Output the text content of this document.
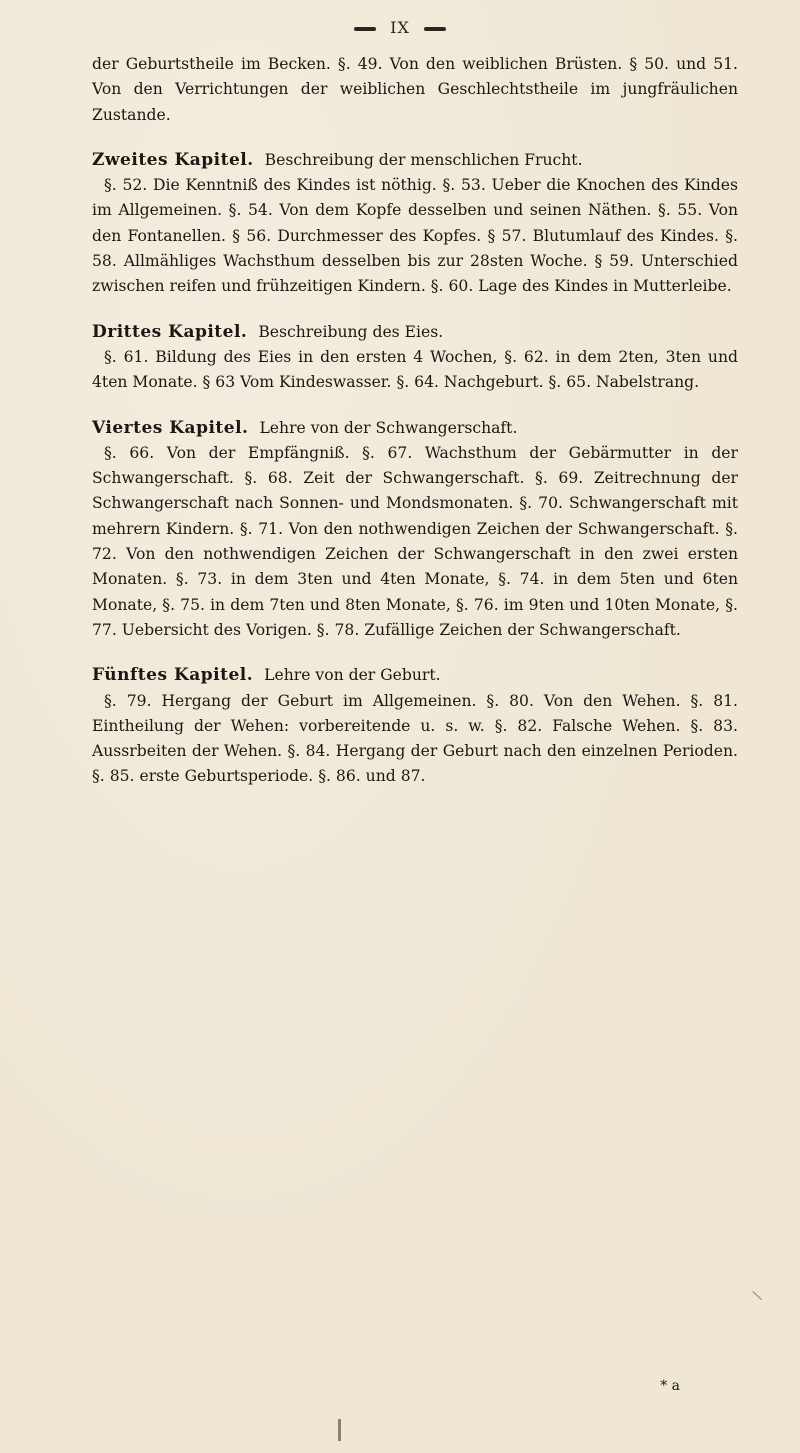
IX

der Geburtstheile im Becken. §. 49. Von den weiblichen Brüsten. § 50. und 51. Von den Verrichtungen der weiblichen Geschlechtstheile im jungfräulichen Zustande.

Zweites Kapitel. Beschreibung der menschlichen Frucht.

§. 52. Die Kenntniß des Kindes ist nöthig. §. 53. Ueber die Knochen des Kindes im Allgemeinen. §. 54. Von dem Kopfe desselben und seinen Näthen. §. 55. Von den Fontanellen. § 56. Durchmesser des Kopfes. § 57. Blutumlauf des Kindes. §. 58. Allmähliges Wachsthum desselben bis zur 28sten Woche. § 59. Unterschied zwischen reifen und frühzeitigen Kindern. §. 60. Lage des Kindes in Mutterleibe.

Drittes Kapitel. Beschreibung des Eies.

§. 61. Bildung des Eies in den ersten 4 Wochen, §. 62. in dem 2ten, 3ten und 4ten Monate. § 63 Vom Kindeswasser. §. 64. Nachgeburt. §. 65. Nabelstrang.

Viertes Kapitel. Lehre von der Schwangerschaft.

§. 66. Von der Empfängniß. §. 67. Wachsthum der Gebärmutter in der Schwangerschaft. §. 68. Zeit der Schwangerschaft. §. 69. Zeitrechnung der Schwangerschaft nach Sonnen- und Mondsmonaten. §. 70. Schwangerschaft mit mehrern Kindern. §. 71. Von den nothwendigen Zeichen der Schwangerschaft. §. 72. Von den nothwendigen Zeichen der Schwangerschaft in den zwei ersten Monaten. §. 73. in dem 3ten und 4ten Monate, §. 74. in dem 5ten und 6ten Monate, §. 75. in dem 7ten und 8ten Monate, §. 76. im 9ten und 10ten Monate, §. 77. Uebersicht des Vorigen. §. 78. Zufällige Zeichen der Schwangerschaft.

Fünftes Kapitel. Lehre von der Geburt.

§. 79. Hergang der Geburt im Allgemeinen. §. 80. Von den Wehen. §. 81. Eintheilung der Wehen: vorbereitende u. s. w. §. 82. Falsche Wehen. §. 83. Aussrbeiten der Wehen. §. 84. Hergang der Geburt nach den einzelnen Perioden. §. 85. erste Geburtsperiode. §. 86. und 87.

* a
\
